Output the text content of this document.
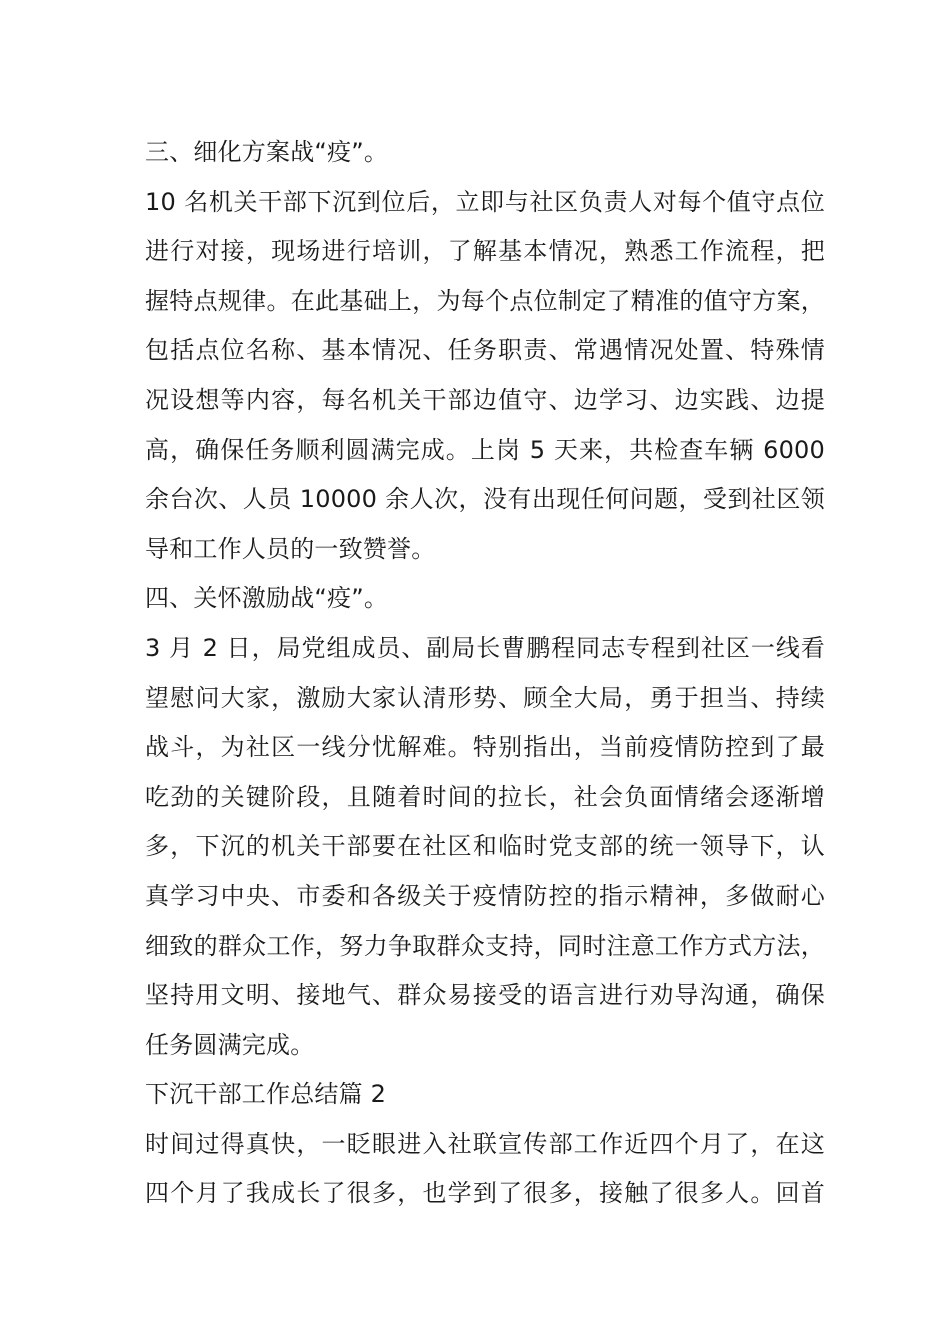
三、细化方案战“疫”。
10 名机关干部下沉到位后，立即与社区负责人对每个值守点位
进行对接，现场进行培训，了解基本情况，熟悉工作流程，把
握特点规律。在此基础上，为每个点位制定了精准的值守方案，
包括点位名称、基本情况、任务职责、常遇情况处置、特殊情
况设想等内容，每名机关干部边值守、边学习、边实践、边提
高，确保任务顺利圆满完成。上岗 5 天来，共检查车辆 6000
余台次、人员 10000 余人次，没有出现任何问题，受到社区领
导和工作人员的一致赞誉。
四、关怀激励战“疫”。
3 月 2 日，局党组成员、副局长曹鹏程同志专程到社区一线看
望慰问大家，激励大家认清形势、顾全大局，勇于担当、持续
战斗，为社区一线分忧解难。特别指出，当前疫情防控到了最
吃劲的关键阶段，且随着时间的拉长，社会负面情绪会逐渐增
多，下沉的机关干部要在社区和临时党支部的统一领导下，认
真学习中央、市委和各级关于疫情防控的指示精神，多做耐心
细致的群众工作，努力争取群众支持，同时注意工作方式方法，
坚持用文明、接地气、群众易接受的语言进行劝导沟通，确保
任务圆满完成。
下沉干部工作总结篇 2
时间过得真快，一眨眼进入社联宣传部工作近四个月了，在这
四个月了我成长了很多，也学到了很多，接触了很多人。回首
